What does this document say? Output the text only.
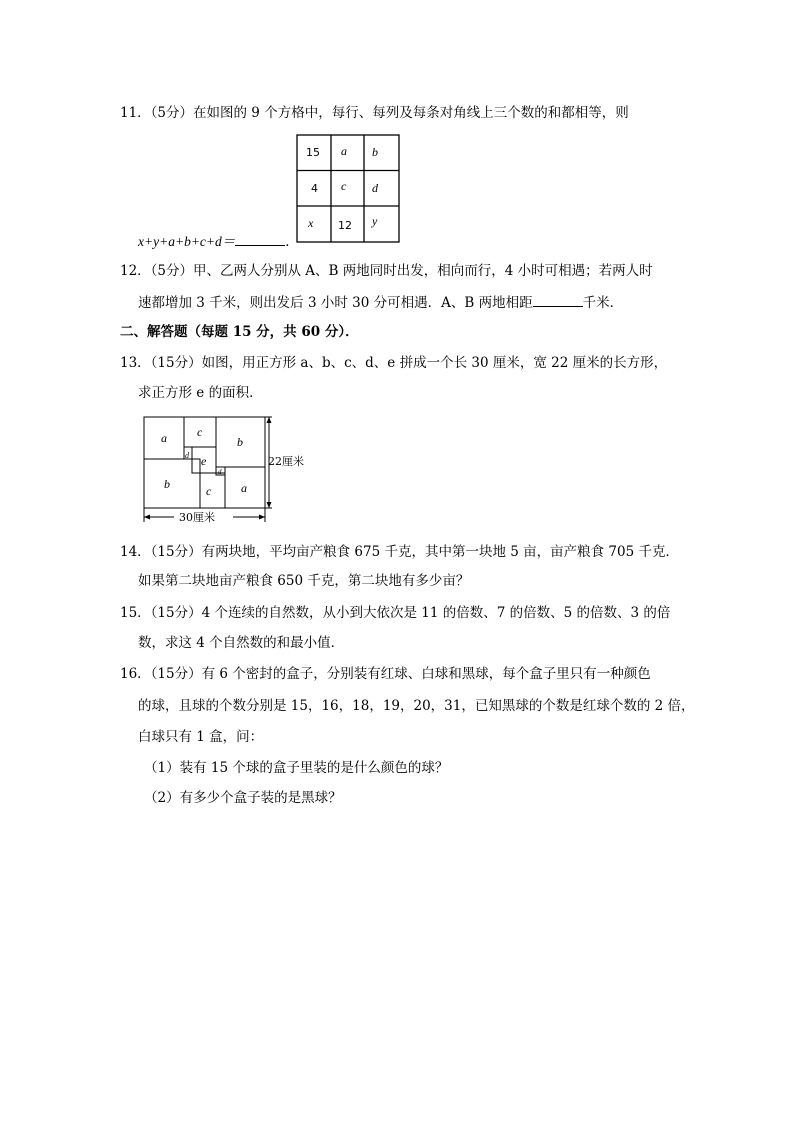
11．（5分）在如图的 9 个方格中，每行、每列及每条对角线上三个数的和都相等，则
15 a b
4 c d
x 12 y
x+y+a+b+c+d＝	．
12．（5分）甲、乙两人分别从 A、B 两地同时出发，相向而行，4 小时可相遇；若两人时
速都增加 3 千米，则出发后 3 小时 30 分可相遇．A、B 两地相距	千米．
二、解答题（每题 15 分，共 60 分）．
13．（15分）如图，用正方形 a、b、c、d、e 拼成一个长 30 厘米，宽 22 厘米的长方形，
求正方形 e 的面积．
a	c
b
d e
d
b	c a
22厘米
30厘米
14．（15分）有两块地，平均亩产粮食 675 千克，其中第一块地 5 亩，亩产粮食 705 千克．
如果第二块地亩产粮食 650 千克，第二块地有多少亩？
15．（15分）4 个连续的自然数，从小到大依次是 11 的倍数、7 的倍数、5 的倍数、3 的倍
数，求这 4 个自然数的和最小值．
16．（15分）有 6 个密封的盒子，分别装有红球、白球和黑球，每个盒子里只有一种颜色
的球，且球的个数分别是 15，16，18，19，20，31，已知黑球的个数是红球个数的 2 倍，
白球只有 1 盒，问：
（1）装有 15 个球的盒子里装的是什么颜色的球？
（2）有多少个盒子装的是黑球？
